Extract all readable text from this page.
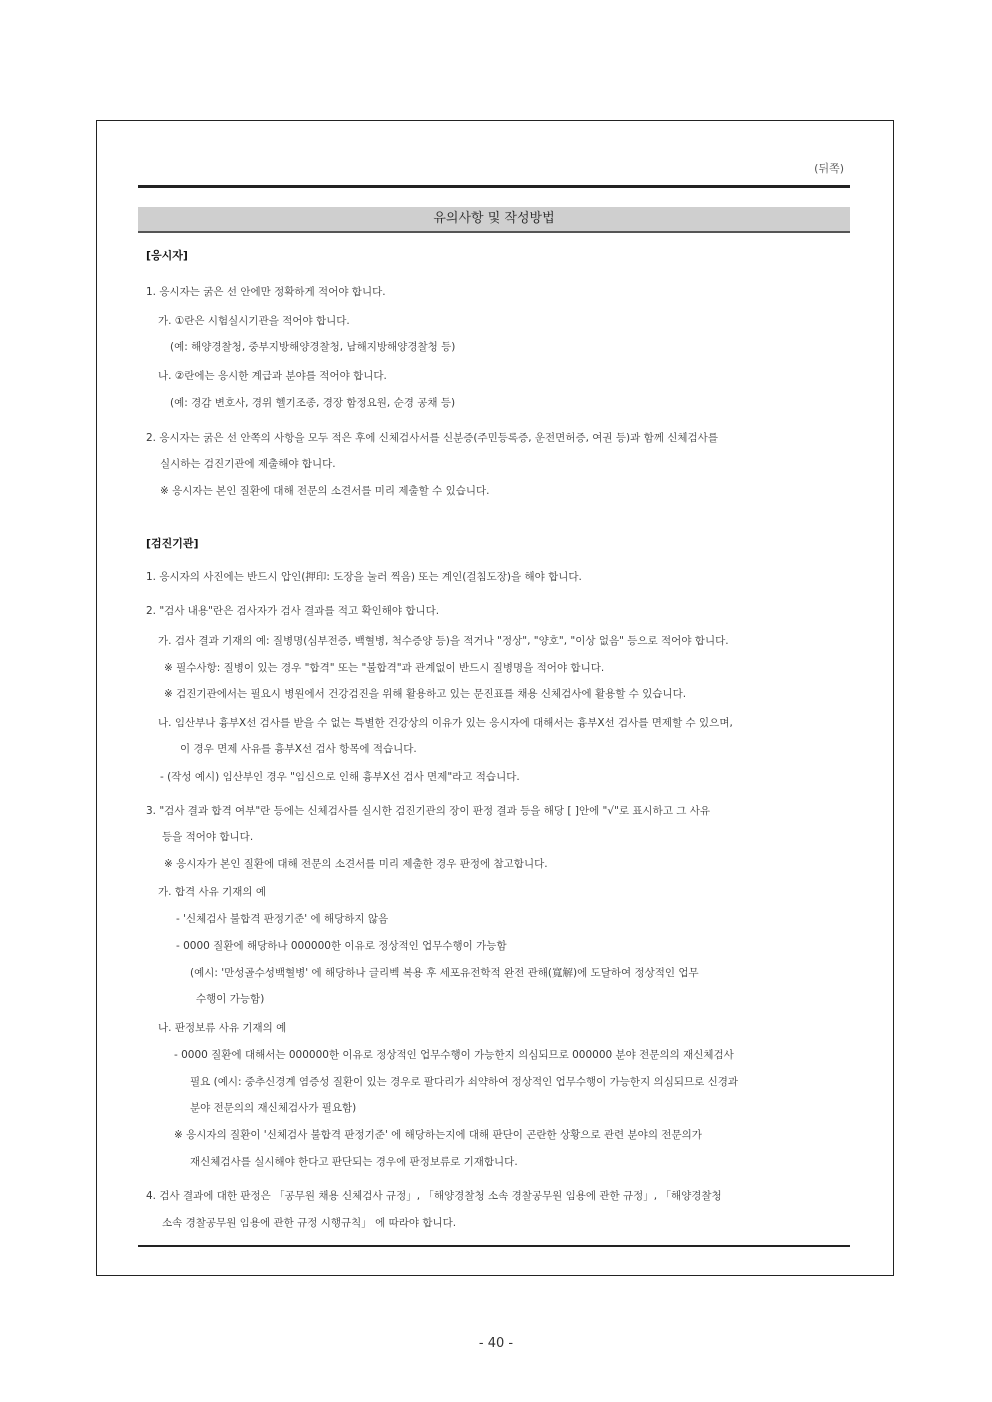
(뒤쪽)
유의사항 및 작성방법
[응시자]
1. 응시자는 굵은 선 안에만 정확하게 적어야 합니다.
가. ①란은 시험실시기관을 적어야 합니다.
(예: 해양경찰청, 중부지방해양경찰청, 남해지방해양경찰청 등)
나. ②란에는 응시한 계급과 분야를 적어야 합니다.
(예: 경감 변호사, 경위 헬기조종, 경장 함정요원, 순경 공채 등)
2. 응시자는 굵은 선 안쪽의 사항을 모두 적은 후에 신체검사서를 신분증(주민등록증, 운전면허증, 여권 등)과 함께 신체검사를
실시하는 검진기관에 제출해야 합니다.
※ 응시자는 본인 질환에 대해 전문의 소견서를 미리 제출할 수 있습니다.
[검진기관]
1. 응시자의 사진에는 반드시 압인(押印: 도장을 눌러 찍음) 또는 계인(걸침도장)을 해야 합니다.
2. "검사 내용"란은 검사자가 검사 결과를 적고 확인해야 합니다.
가. 검사 결과 기재의 예: 질병명(심부전증, 백혈병, 척수증양 등)을 적거나 "정상", "양호", "이상 없음" 등으로 적어야 합니다.
※ 필수사항: 질병이 있는 경우 "합격" 또는 "불합격"과 관계없이 반드시 질병명을 적어야 합니다.
※ 검진기관에서는 필요시 병원에서 건강검진을 위해 활용하고 있는 문진표를 채용 신체검사에 활용할 수 있습니다.
나. 임산부나 흉부X선 검사를 받을 수 없는 특별한 건강상의 이유가 있는 응시자에 대해서는 흉부X선 검사를 면제할 수 있으며,
이 경우 면제 사유를 흉부X선 검사 항목에 적습니다.
- (작성 예시) 임산부인 경우 "임신으로 인해 흉부X선 검사 면제"라고 적습니다.
3. "검사 결과 합격 여부"란 등에는 신체검사를 실시한 검진기관의 장이 판정 결과 등을 해당 [ ]안에 "√"로 표시하고 그 사유
등을 적어야 합니다.
※ 응시자가 본인 질환에 대해 전문의 소견서를 미리 제출한 경우 판정에 참고합니다.
가. 합격 사유 기재의 예
- '신체검사 불합격 판정기준' 에 해당하지 않음
- 0000 질환에 해당하나 000000한 이유로 정상적인 업무수행이 가능함
(예시: '만성골수성백혈병' 에 해당하나 글리벡 복용 후 세포유전학적 완전 관해(寬解)에 도달하여 정상적인 업무
수행이 가능함)
나. 판정보류 사유 기재의 예
- 0000 질환에 대해서는 000000한 이유로 정상적인 업무수행이 가능한지 의심되므로 000000 분야 전문의의 재신체검사
필요 (예시: 중추신경계 염증성 질환이 있는 경우로 팔다리가 쇠약하여 정상적인 업무수행이 가능한지 의심되므로 신경과
분야 전문의의 재신체검사가 필요함)
※ 응시자의 질환이 '신체검사 불합격 판정기준' 에 해당하는지에 대해 판단이 곤란한 상황으로 관련 분야의 전문의가
재신체검사를 실시해야 한다고 판단되는 경우에 판정보류로 기재합니다.
4. 검사 결과에 대한 판정은 「공무원 채용 신체검사 규정」, 「해양경찰청 소속 경찰공무원 임용에 관한 규정」, 「해양경찰청
소속 경찰공무원 임용에 관한 규정 시행규칙」 에 따라야 합니다.
- 40 -
